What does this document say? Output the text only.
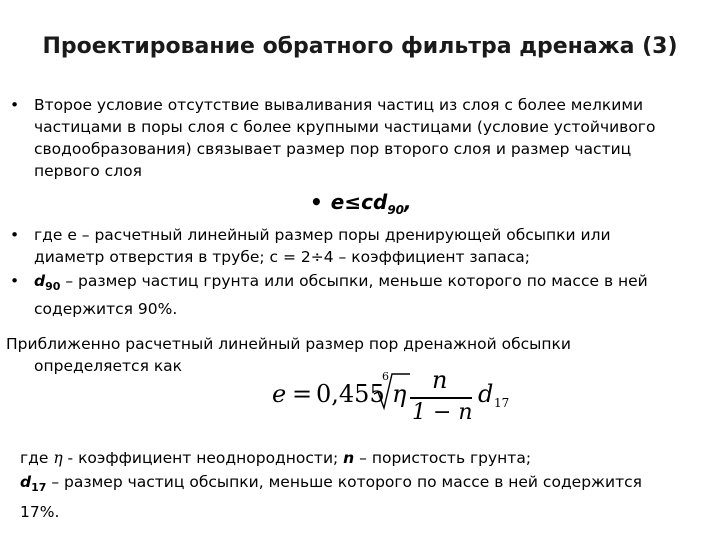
Проектирование обратного фильтра дренажа (3)
• Второе условие отсутствие вываливания частиц из слоя с более мелкими
частицами в поры слоя с более крупными частицами (условие устойчивого
сводообразования) связывает размер пор второго слоя и размер частиц
первого слоя
• $e\le cd_{90}$,
• где е – расчетный линейный размер поры дренирующей обсыпки или
диаметр отверстия в трубе; с = 2÷4 – коэффициент запаса;
• $d_{90}$ – размер частиц грунта или обсыпки, меньше которого по массе в ней
содержится 90%.
Приближенно расчетный линейный размер пор дренажной обсыпки
определяется как
e = 0,455
6
η n
1 − n
d 17
где η - коэффициент неоднородности; n – пористость грунта;
$d_{17}$ – размер частиц обсыпки, меньше которого по массе в ней содержится
17%.
